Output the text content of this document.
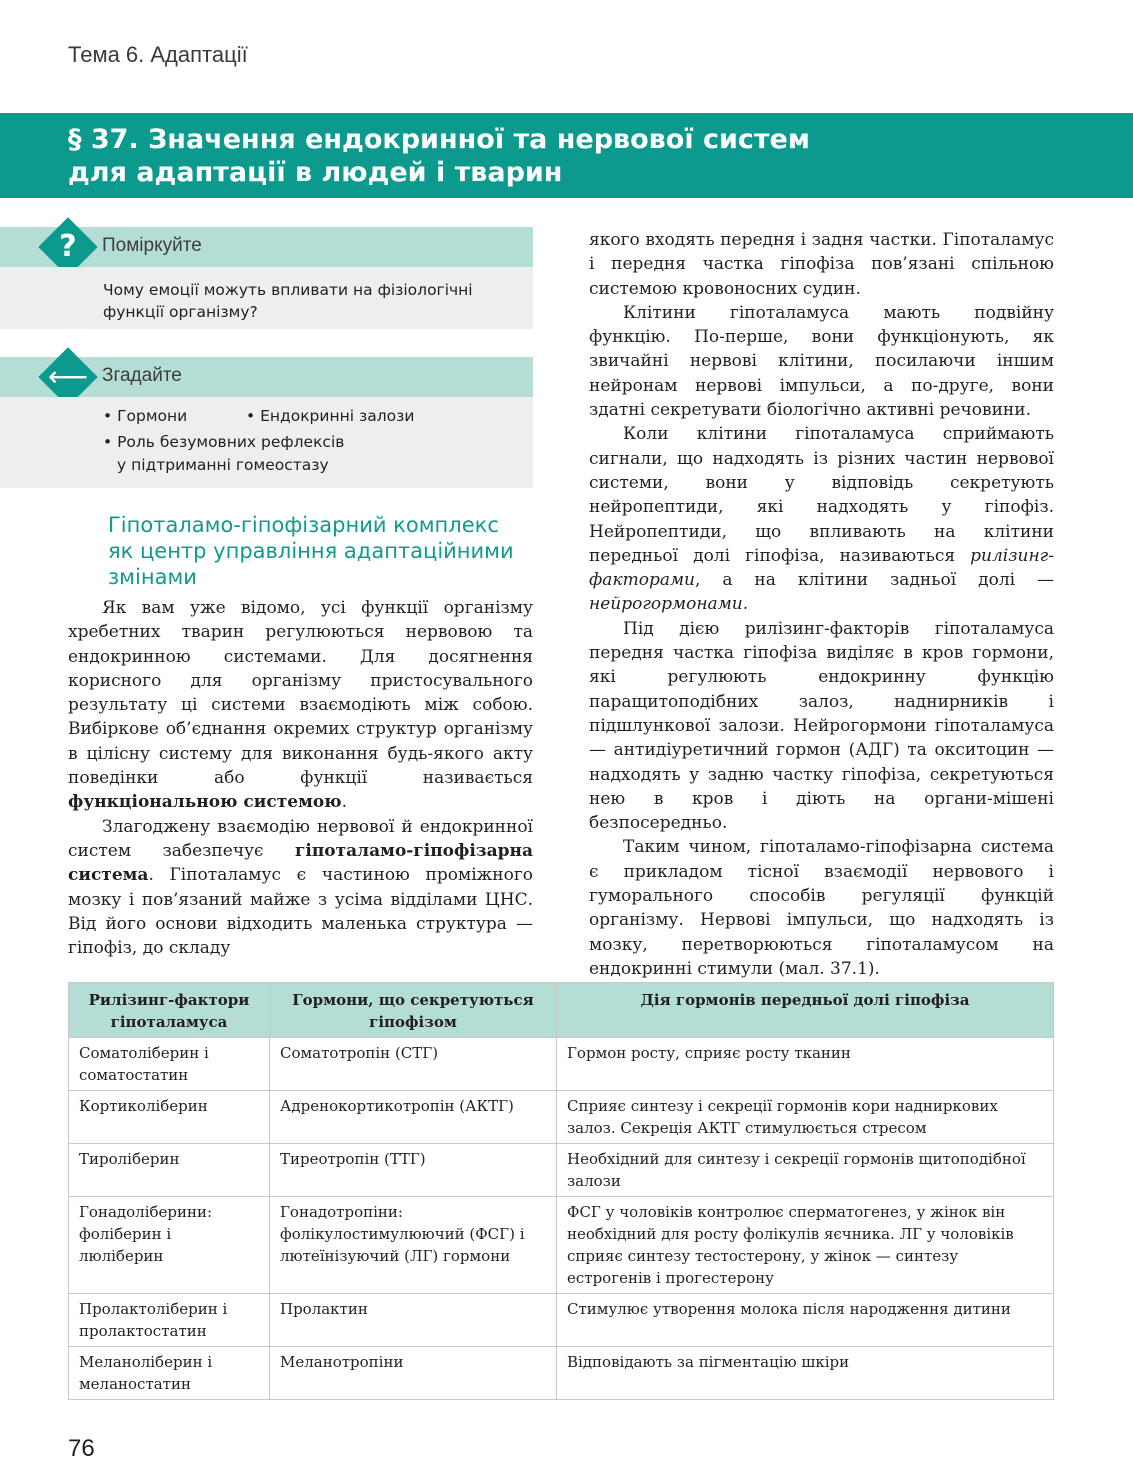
Тема 6. Адаптації
§ 37. Значення ендокринної та нервової систем
для адаптації в людей і тварин
Поміркуйте
?
Чому емоції можуть впливати на фізіологічні функції організму?
Згадайте
⟵
• Гормони	• Ендокринні залози
• Роль безумовних рефлексів
у підтриманні гомеостазу
Гіпоталамо-гіпофізарний комплекс
як центр управління адаптаційними
змінами

Як вам уже відомо, усі функції організму хребетних тварин регулюються нервовою та ендокринною системами. Для досягнення корисного для організму пристосувального результату ці системи взаємодіють між собою. Вибіркове об’єднання окремих структур організму в цілісну систему для виконання будь-якого акту поведінки або функції називається функціональною системою.

Злагоджену взаємодію нервової й ендокринної систем забезпечує гіпоталамо-гіпофізарна система. Гіпоталамус є частиною проміжного мозку і пов’язаний майже з усіма відділами ЦНС. Від його основи відходить маленька структура — гіпофіз, до складу

якого входять передня і задня частки. Гіпоталамус і передня частка гіпофіза пов’язані спільною системою кровоносних судин.

Клітини гіпоталамуса мають подвійну функцію. По-перше, вони функціонують, як звичайні нервові клітини, посилаючи іншим нейронам нервові імпульси, а по-друге, вони здатні секретувати біологічно активні речовини.

Коли клітини гіпоталамуса сприймають сигнали, що надходять із різних частин нервової системи, вони у відповідь секретують нейропептиди, які надходять у гіпофіз. Нейропептиди, що впливають на клітини передньої долі гіпофіза, називаються рилізинг-факторами, а на клітини задньої долі — нейрогормонами.

Під дією рилізинг-факторів гіпоталамуса передня частка гіпофіза виділяє в кров гормони, які регулюють ендокринну функцію паращитоподібних залоз, наднирників і підшлункової залози. Нейрогормони гіпоталамуса — антидіуретичний гормон (АДГ) та окситоцин — надходять у задню частку гіпофіза, секретуються нею в кров і діють на органи-мішені безпосередньо.

Таким чином, гіпоталамо-гіпофізарна система є прикладом тісної взаємодії нервового і гуморального способів регуляції функцій організму. Нервові імпульси, що надходять із мозку, перетворюються гіпоталамусом на ендокринні стимули (мал. 37.1).

Рилізинг-фактори гіпоталамуса	Гормони, що секретуються гіпофізом	Дія гормонів передньої долі гіпофіза
Соматоліберин і соматостатин	Соматотропін (СТГ)	Гормон росту, сприяє росту тканин
Кортиколіберин	Адренокортикотропін (АКТГ)	Сприяє синтезу і секреції гормонів кори надниркових залоз. Секреція АКТГ стимулюється стресом
Тироліберин	Тиреотропін (ТТГ)	Необхідний для синтезу і секреції гормонів щитоподібної залози
Гонадоліберини: фоліберин і люліберин	Гонадотропіни: фолікулостимулюючий (ФСГ) і лютеїнізуючий (ЛГ) гормони	ФСГ у чоловіків контролює сперматогенез, у жінок він необхідний для росту фолікулів яєчника. ЛГ у чоловіків сприяє синтезу тестостерону, у жінок — синтезу естрогенів і прогестерону
Пролактоліберин і пролактостатин	Пролактин	Стимулює утворення молока після народження дитини
Меланоліберин і меланостатин	Меланотропіни	Відповідають за пігментацію шкіри
76
